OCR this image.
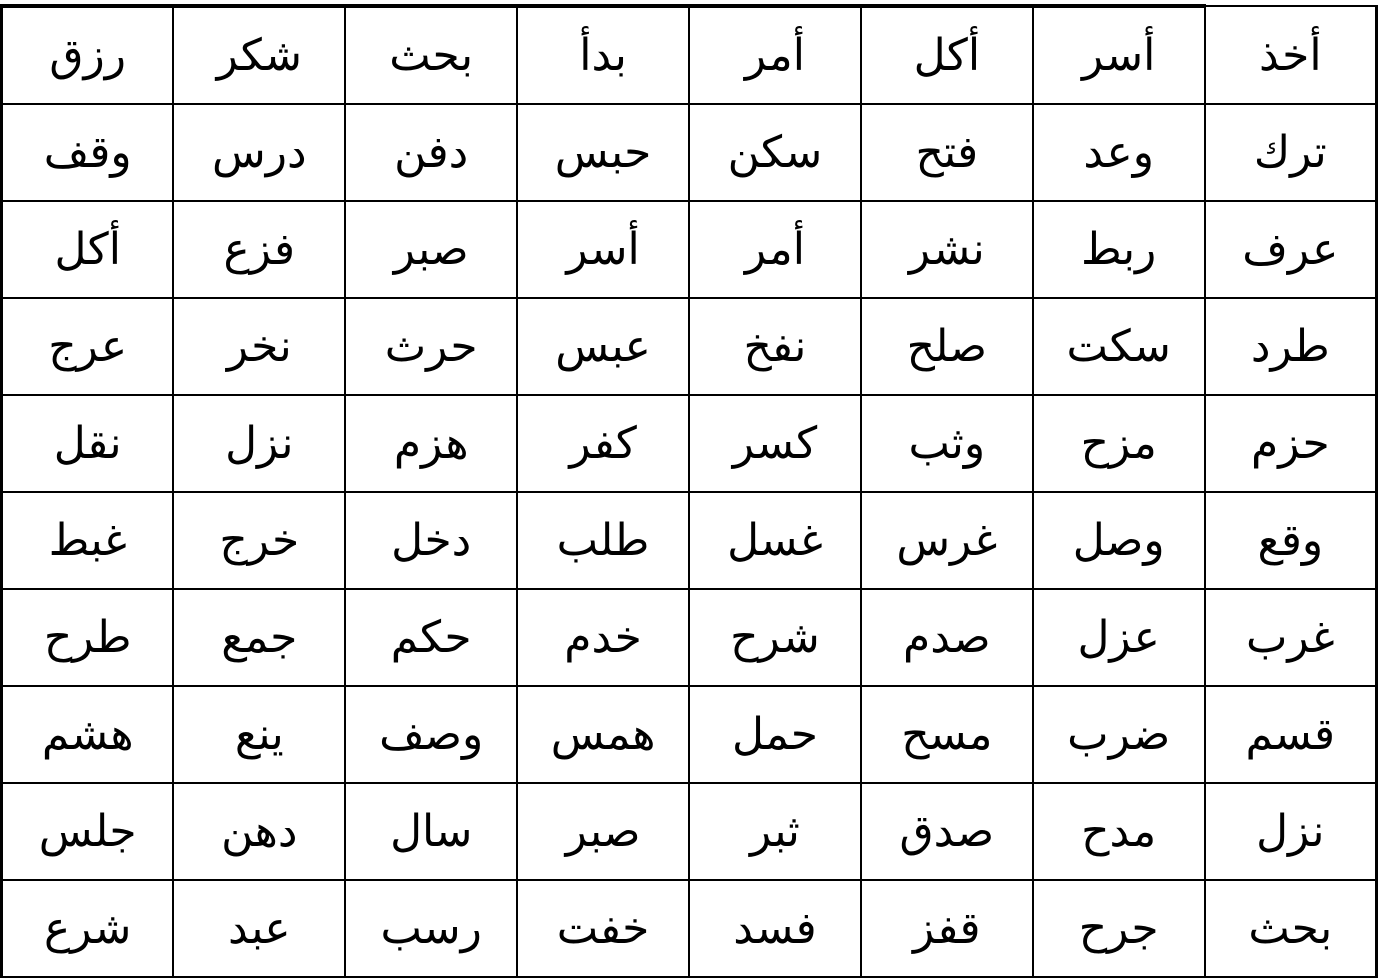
أخذ	أسر	أكل	أمر	بدأ	بحث	شكر	رزق
ترك	وعد	فتح	سكن	حبس	دفن	درس	وقف
عرف	ربط	نشر	أمر	أسر	صبر	فزع	أكل
طرد	سكت	صلح	نفخ	عبس	حرث	نخر	عرج
حزم	مزح	وثب	كسر	كفر	هزم	نزل	نقل
وقع	وصل	غرس	غسل	طلب	دخل	خرج	غبط
غرب	عزل	صدم	شرح	خدم	حكم	جمع	طرح
قسم	ضرب	مسح	حمل	همس	وصف	ينع	هشم
نزل	مدح	صدق	ثبر	صبر	سال	دهن	جلس
بحث	جرح	قفز	فسد	خفت	رسب	عبد	شرع
